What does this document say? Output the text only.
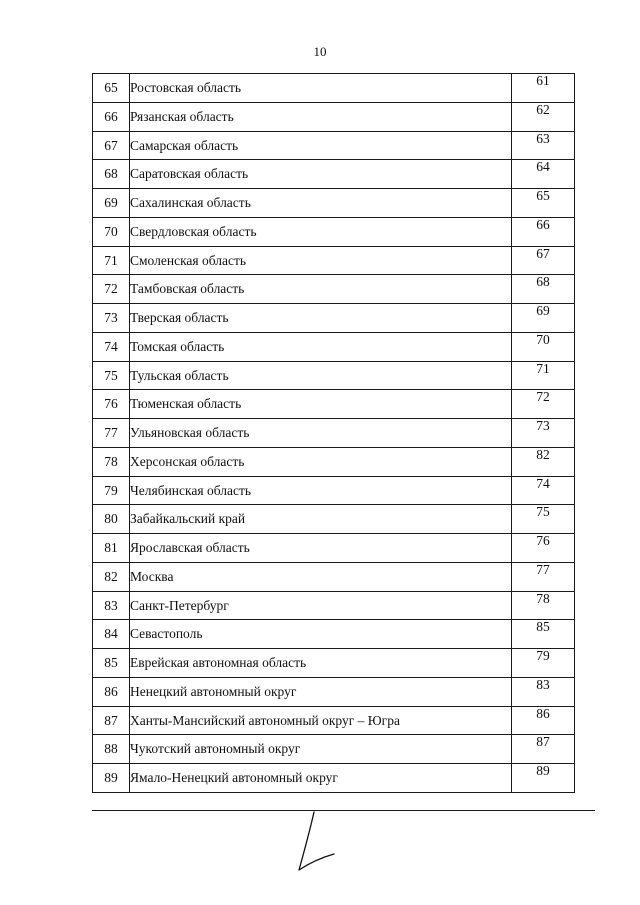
10
65	Ростовская область	61
66	Рязанская область	62
67	Самарская область	63
68	Саратовская область	64
69	Сахалинская область	65
70	Свердловская область	66
71	Смоленская область	67
72	Тамбовская область	68
73	Тверская область	69
74	Томская область	70
75	Тульская область	71
76	Тюменская область	72
77	Ульяновская область	73
78	Херсонская область	82
79	Челябинская область	74
80	Забайкальский край	75
81	Ярославская область	76
82	Москва	77
83	Санкт-Петербург	78
84	Севастополь	85
85	Еврейская автономная область	79
86	Ненецкий автономный округ	83
87	Ханты-Мансийский автономный округ – Югра	86
88	Чукотский автономный округ	87
89	Ямало-Ненецкий автономный округ	89
